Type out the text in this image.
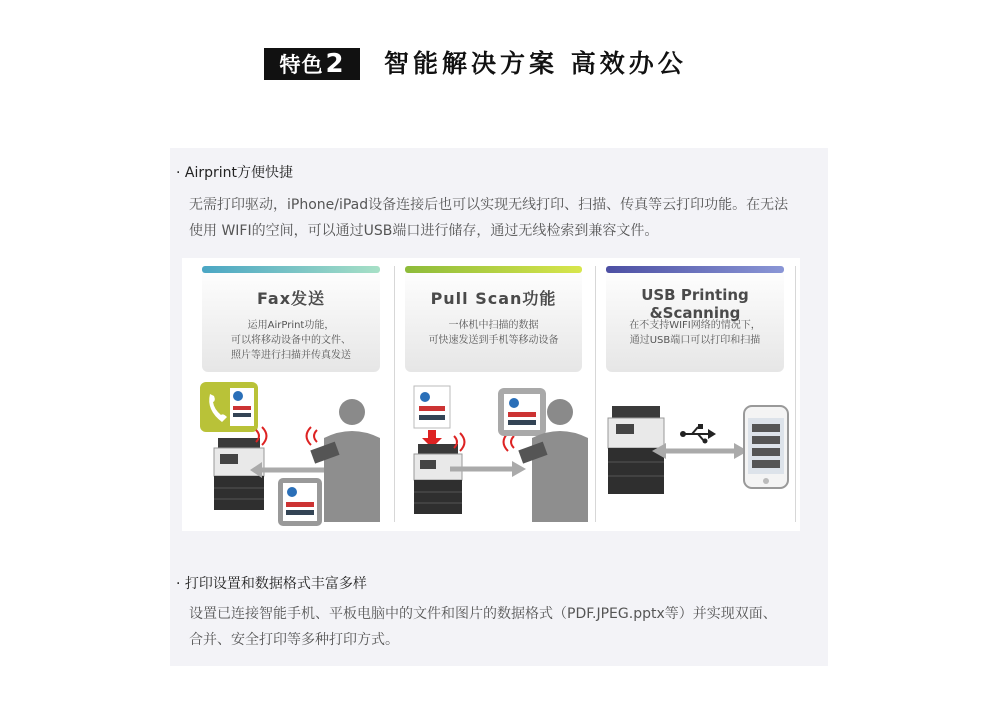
特色2	智能解决方案 高效办公
· Airprint方便快捷
无需打印驱动，iPhone/iPad设备连接后也可以实现无线打印、扫描、传真等云打印功能。在无法
使用 WIFI的空间，可以通过USB端口进行储存，通过无线检索到兼容文件。
Fax发送
运用AirPrint功能，
可以将移动设备中的文件、
照片等进行扫描并传真发送
Pull Scan功能
一体机中扫描的数据
可快速发送到手机等移动设备
USB Printing &Scanning
在不支持WIFI网络的情况下，
通过USB端口可以打印和扫描
· 打印设置和数据格式丰富多样
设置已连接智能手机、平板电脑中的文件和图片的数据格式（PDF.JPEG.pptx等）并实现双面、
合并、安全打印等多种打印方式。
